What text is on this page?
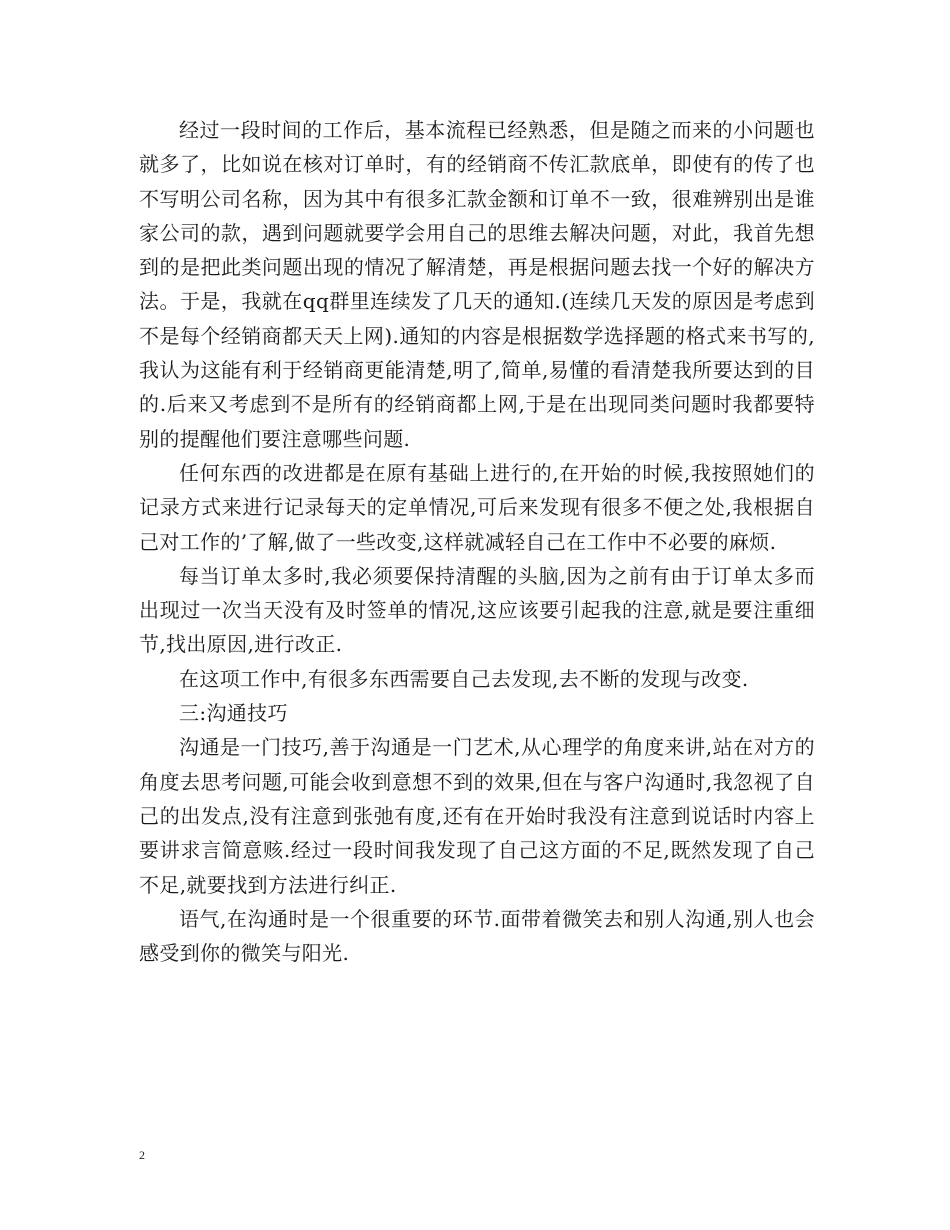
经过一段时间的工作后，基本流程已经熟悉，但是随之而来的小问题也就多了，比如说在核对订单时，有的经销商不传汇款底单，即使有的传了也不写明公司名称，因为其中有很多汇款金额和订单不一致，很难辨别出是谁家公司的款，遇到问题就要学会用自己的思维去解决问题，对此，我首先想到的是把此类问题出现的情况了解清楚，再是根据问题去找一个好的解决方法。于是，我就在qq群里连续发了几天的通知.(连续几天发的原因是考虑到不是每个经销商都天天上网).通知的内容是根据数学选择题的格式来书写的,我认为这能有利于经销商更能清楚,明了,简单,易懂的看清楚我所要达到的目的.后来又考虑到不是所有的经销商都上网,于是在出现同类问题时我都要特别的提醒他们要注意哪些问题.

任何东西的改进都是在原有基础上进行的,在开始的时候,我按照她们的记录方式来进行记录每天的定单情况,可后来发现有很多不便之处,我根据自己对工作的’了解,做了一些改变,这样就减轻自己在工作中不必要的麻烦.

每当订单太多时,我必须要保持清醒的头脑,因为之前有由于订单太多而出现过一次当天没有及时签单的情况,这应该要引起我的注意,就是要注重细节,找出原因,进行改正.

在这项工作中,有很多东西需要自己去发现,去不断的发现与改变.

三:沟通技巧

沟通是一门技巧,善于沟通是一门艺术,从心理学的角度来讲,站在对方的角度去思考问题,可能会收到意想不到的效果,但在与客户沟通时,我忽视了自己的出发点,没有注意到张弛有度,还有在开始时我没有注意到说话时内容上要讲求言简意赅.经过一段时间我发现了自己这方面的不足,既然发现了自己不足,就要找到方法进行纠正.

语气,在沟通时是一个很重要的环节.面带着微笑去和别人沟通,别人也会感受到你的微笑与阳光.

2
